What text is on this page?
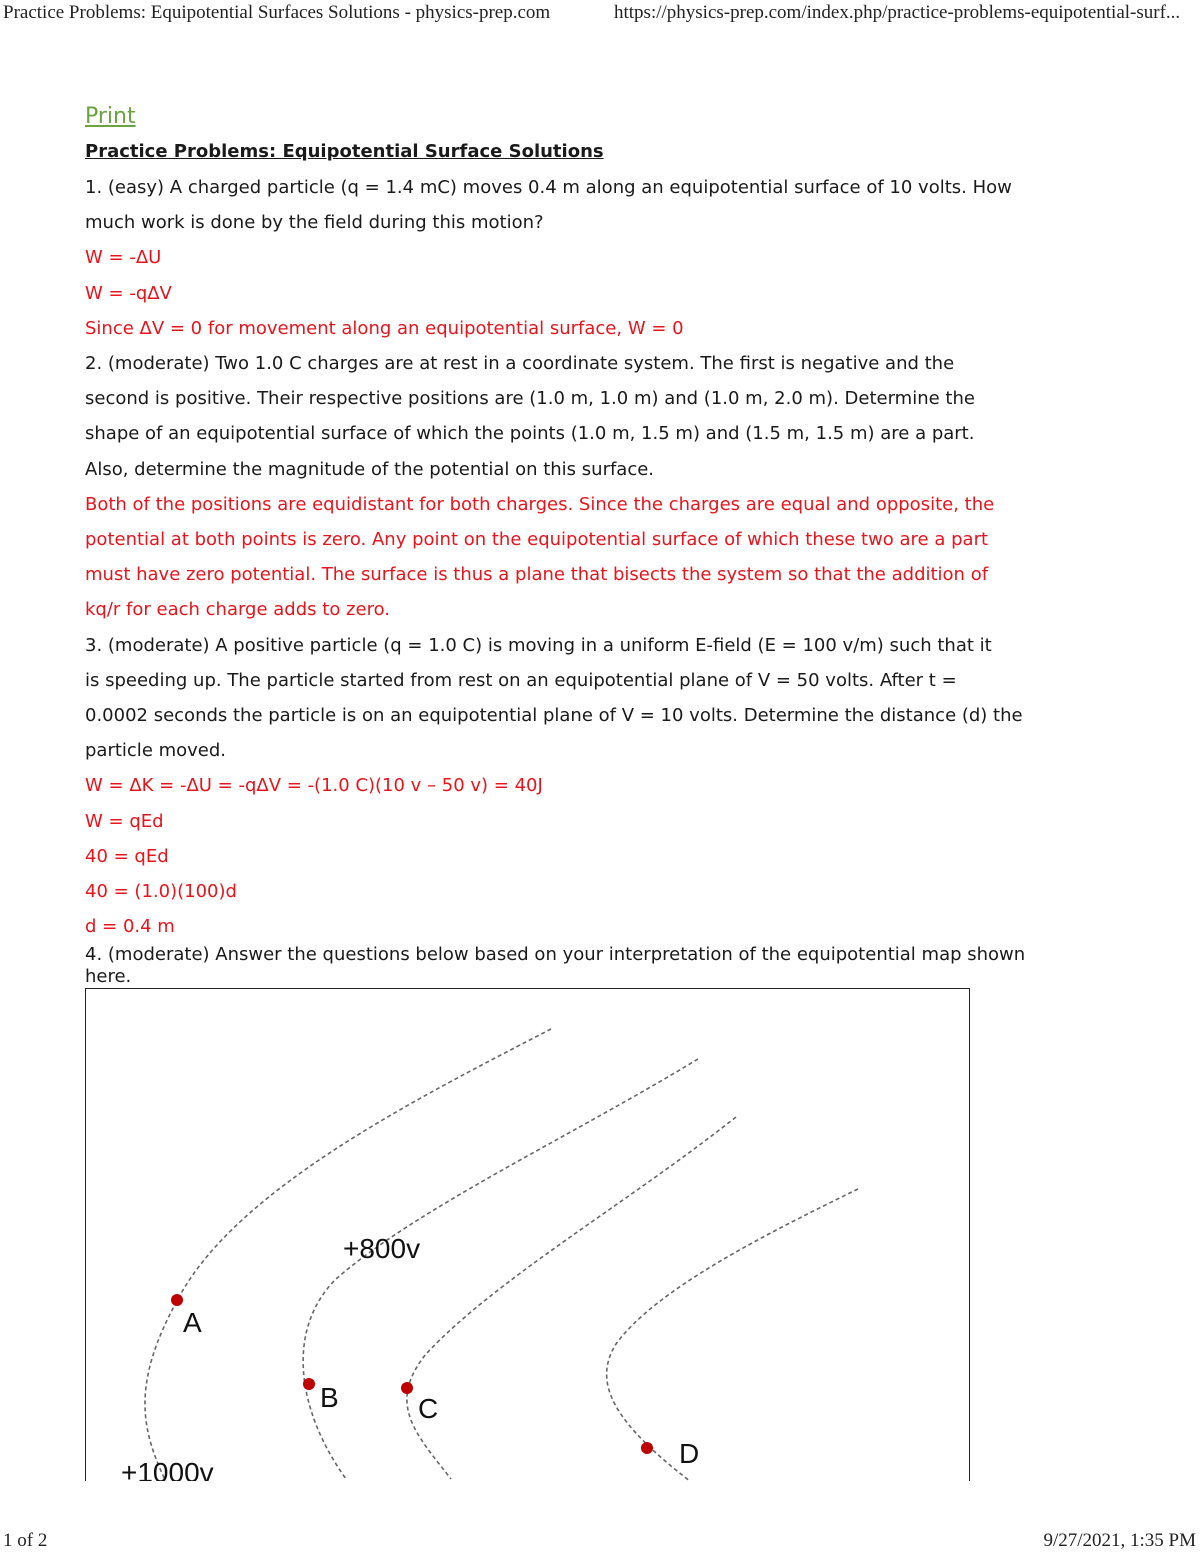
Practice Problems: Equipotential Surfaces Solutions - physics-prep.com	https://physics-prep.com/index.php/practice-problems-equipotential-surf...
Print

Practice Problems: Equipotential Surface Solutions

1. (easy) A charged particle (q = 1.4 mC) moves 0.4 m along an equipotential surface of 10 volts. How

much work is done by the field during this motion?

W = -ΔU

W = -qΔV

Since ΔV = 0 for movement along an equipotential surface, W = 0

2. (moderate) Two 1.0 C charges are at rest in a coordinate system. The first is negative and the

second is positive. Their respective positions are (1.0 m, 1.0 m) and (1.0 m, 2.0 m). Determine the

shape of an equipotential surface of which the points (1.0 m, 1.5 m) and (1.5 m, 1.5 m) are a part.

Also, determine the magnitude of the potential on this surface.

Both of the positions are equidistant for both charges. Since the charges are equal and opposite, the

potential at both points is zero. Any point on the equipotential surface of which these two are a part

must have zero potential. The surface is thus a plane that bisects the system so that the addition of

kq/r for each charge adds to zero.

3. (moderate) A positive particle (q = 1.0 C) is moving in a uniform E-field (E = 100 v/m) such that it

is speeding up. The particle started from rest on an equipotential plane of V = 50 volts. After t =

0.0002 seconds the particle is on an equipotential plane of V = 10 volts. Determine the distance (d) the

particle moved.

W = ΔK = -ΔU = -qΔV = -(1.0 C)(10 v – 50 v) = 40J

W = qEd

40 = qEd

40 = (1.0)(100)d

d = 0.4 m

4. (moderate) Answer the questions below based on your interpretation of the equipotential map shown

here.

+800v
+1000v
A
B	C
D
1 of 2	9/27/2021, 1:35 PM
